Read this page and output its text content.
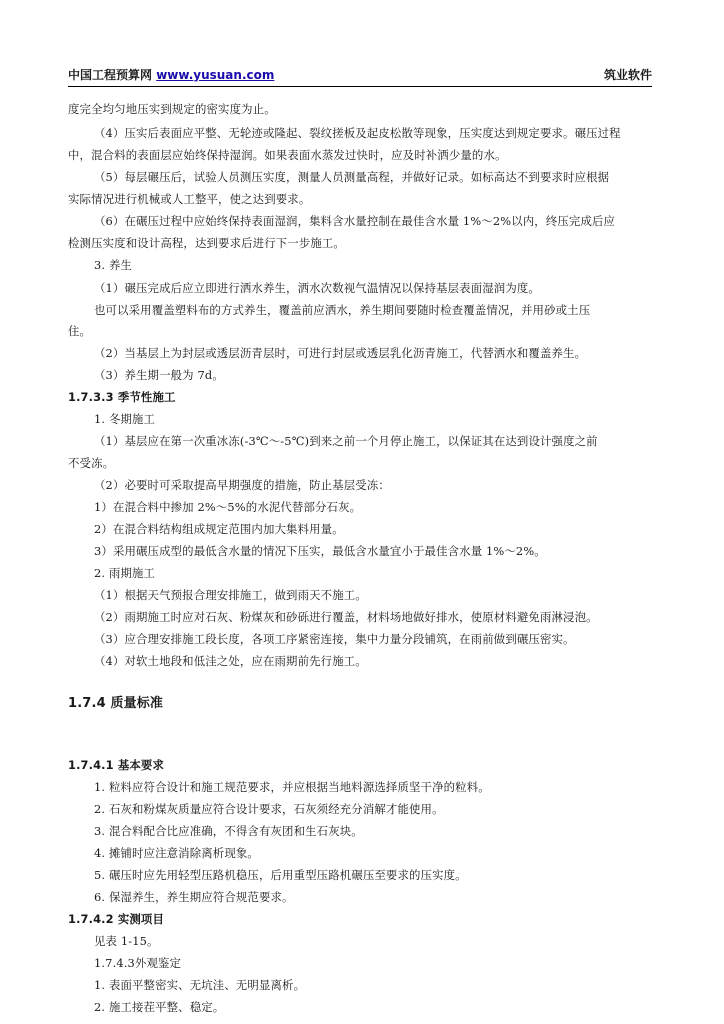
中国工程预算网 www.yusuan.com	筑业软件
度完全均匀地压实到规定的密实度为止。
（4）压实后表面应平整、无轮迹或隆起、裂纹搓板及起皮松散等现象，压实度达到规定要求。碾压过程
中，混合料的表面层应始终保持湿润。如果表面水蒸发过快时，应及时补洒少量的水。
（5）每层碾压后，试验人员测压实度，测量人员测量高程，并做好记录。如标高达不到要求时应根据
实际情况进行机械或人工整平，使之达到要求。
（6）在碾压过程中应始终保持表面湿润，集料含水量控制在最佳含水量 1%～2%以内，终压完成后应
检测压实度和设计高程，达到要求后进行下一步施工。
3. 养生
（1）碾压完成后应立即进行洒水养生，洒水次数视气温情况以保持基层表面湿润为度。
也可以采用覆盖塑料布的方式养生，覆盖前应洒水，养生期间要随时检查覆盖情况，并用砂或土压
住。
（2）当基层上为封层或透层沥青层时，可进行封层或透层乳化沥青施工，代替洒水和覆盖养生。
（3）养生期一般为 7d。
1.7.3.3 季节性施工
1. 冬期施工
（1）基层应在第一次重冰冻(-3℃～-5℃)到来之前一个月停止施工，以保证其在达到设计强度之前
不受冻。
（2）必要时可采取提高早期强度的措施，防止基层受冻：
1）在混合料中掺加 2%～5%的水泥代替部分石灰。
2）在混合料结构组成规定范围内加大集料用量。
3）采用碾压成型的最低含水量的情况下压实，最低含水量宜小于最佳含水量 1%～2%。
2. 雨期施工
（1）根据天气预报合理安排施工，做到雨天不施工。
（2）雨期施工时应对石灰、粉煤灰和砂砾进行覆盖，材料场地做好排水，使原材料避免雨淋浸泡。
（3）应合理安排施工段长度，各项工序紧密连接，集中力量分段铺筑，在雨前做到碾压密实。
（4）对软土地段和低洼之处，应在雨期前先行施工。
1.7.4 质量标准
1.7.4.1 基本要求
1. 粒料应符合设计和施工规范要求，并应根据当地料源选择质坚干净的粒料。
2. 石灰和粉煤灰质量应符合设计要求，石灰须经充分消解才能使用。
3. 混合料配合比应准确，不得含有灰团和生石灰块。
4. 摊铺时应注意消除离析现象。
5. 碾压时应先用轻型压路机稳压，后用重型压路机碾压至要求的压实度。
6. 保湿养生，养生期应符合规范要求。
1.7.4.2 实测项目
见表 1-15。
1.7.4.3外观鉴定
1. 表面平整密实、无坑洼、无明显离析。
2. 施工接茬平整、稳定。
